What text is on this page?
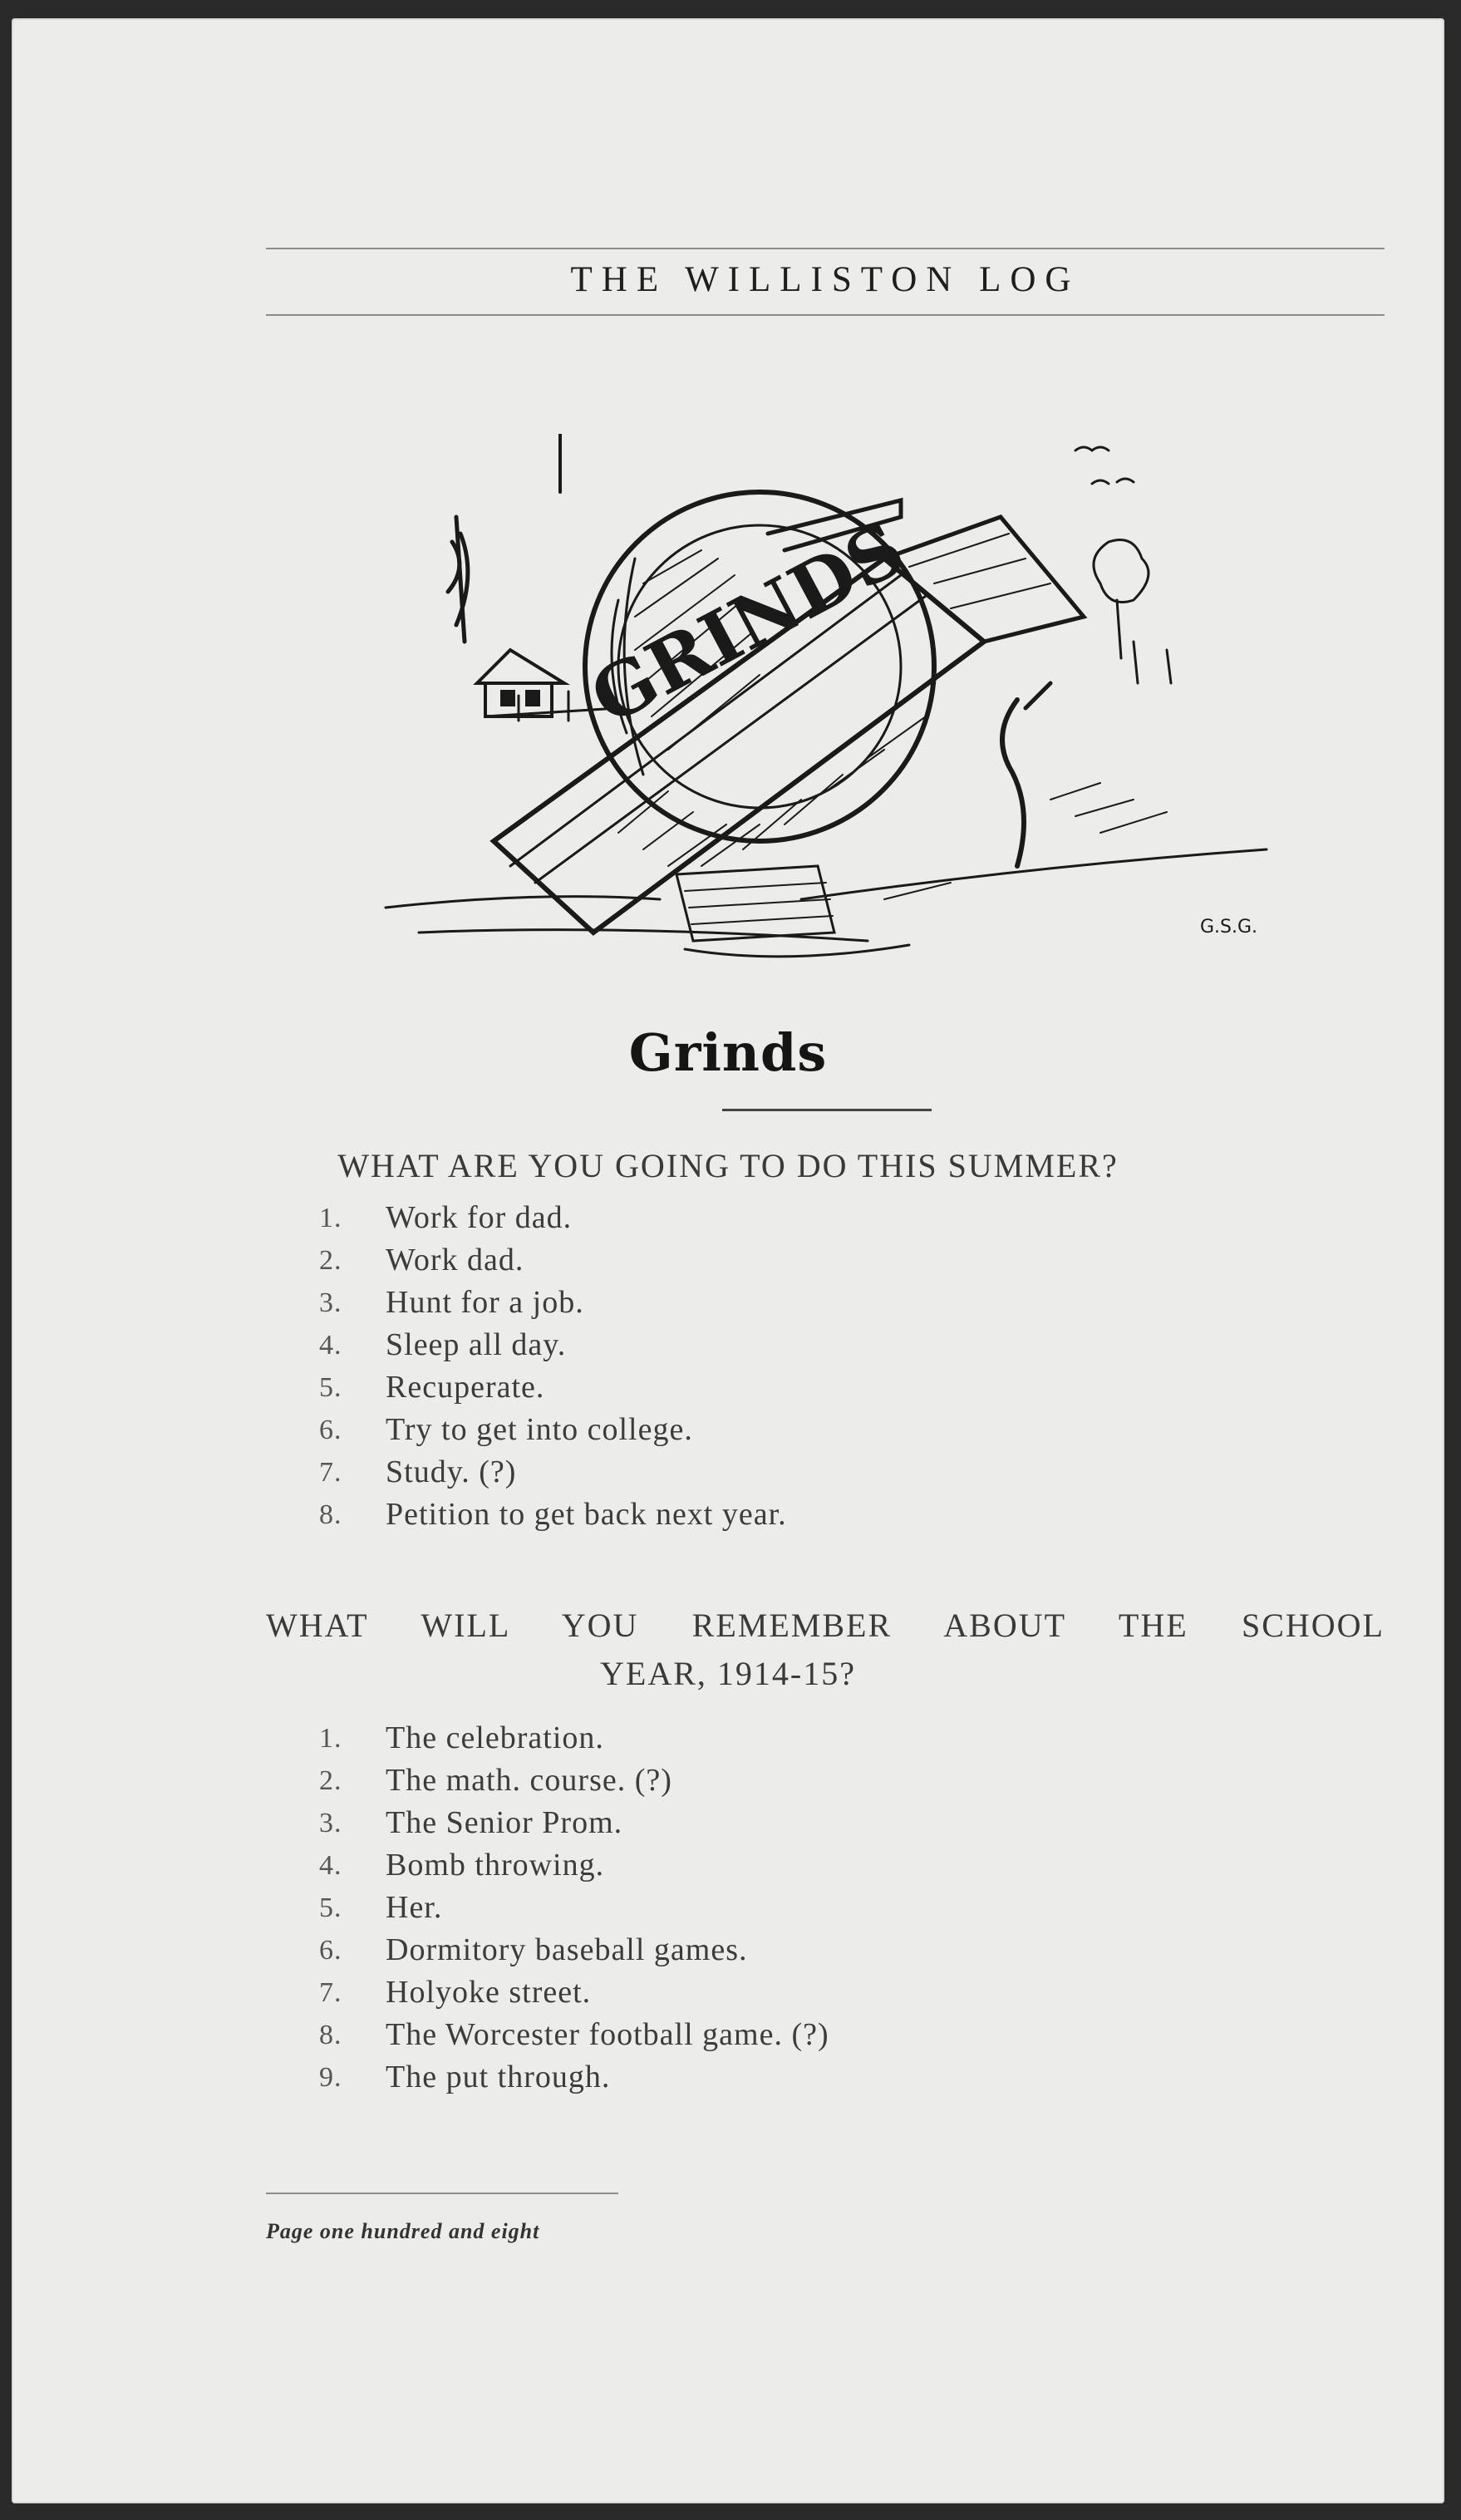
THE WILLISTON LOG
GRINDS
G.S.G.
Grinds
WHAT ARE YOU GOING TO DO THIS SUMMER?
1.	Work for dad.
2.	Work dad.
3.	Hunt for a job.
4.	Sleep all day.
5.	Recuperate.
6.	Try to get into college.
7.	Study. (?)
8.	Petition to get back next year.
WHAT WILL YOU REMEMBER ABOUT THE SCHOOL
YEAR, 1914-15?
1.	The celebration.
2.	The math. course. (?)
3.	The Senior Prom.
4.	Bomb throwing.
5.	Her.
6.	Dormitory baseball games.
7.	Holyoke street.
8.	The Worcester football game. (?)
9.	The put through.
Page one hundred and eight
